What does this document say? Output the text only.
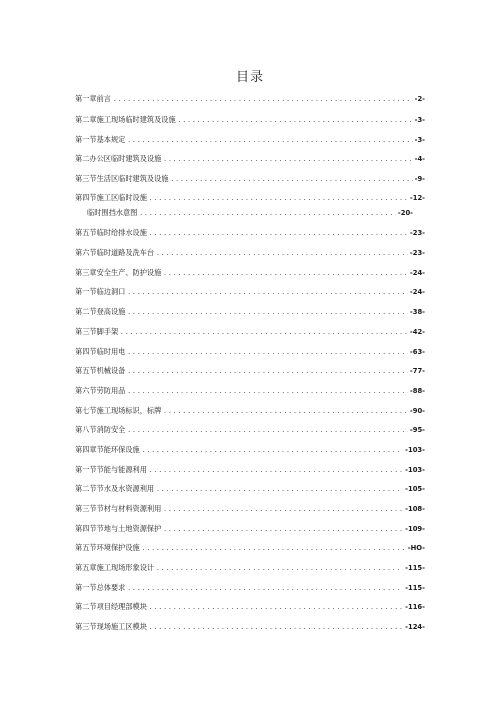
目录
第一章前言 .....	-2-
第二章施工现场临时建筑及设施 .....	-3-
第一节基本规定 .....	-3-
第二办公区临时建筑及设施 .....	-4-
第三节生活区临时建筑及设施 .....	-9-
第四节施工区临时设施 .....	-12-
临时围挡水意图 .....	-20-
第五节临时给排水设施 .....	-23-
第六节临时道路及洗车台 .....	-23-
第三章安全生产、防护设施 .....	-24-
第一节临边洞口 .....	-24-
第二节登高设施 .....	-38-
第三节脚手架 .....	-42-
第四节临时用电 .....	-63-
第五节机械设备 .....	-77-
第六节劳防用品 .....	-88-
第七节施工现场标识，标牌 .....	-90-
第八节消防安全 .....	-95-
第四章节能环保设施 .....	-103-
第一节节能与能源利用 .....	-103-
第二节节水及水资源利用 .....	-105-
第三节节材与材料资源利用 .....	-108-
第四节节地与土地资源保护 .....	-109-
第五节环境保护设施 .....	-HO-
第五章施工现场形象设计 .....	-115-
第一节总体要求 .....	-115-
第二节项目经理部模块 .....	-116-
第三节现场施工区模块 .....	-124-
